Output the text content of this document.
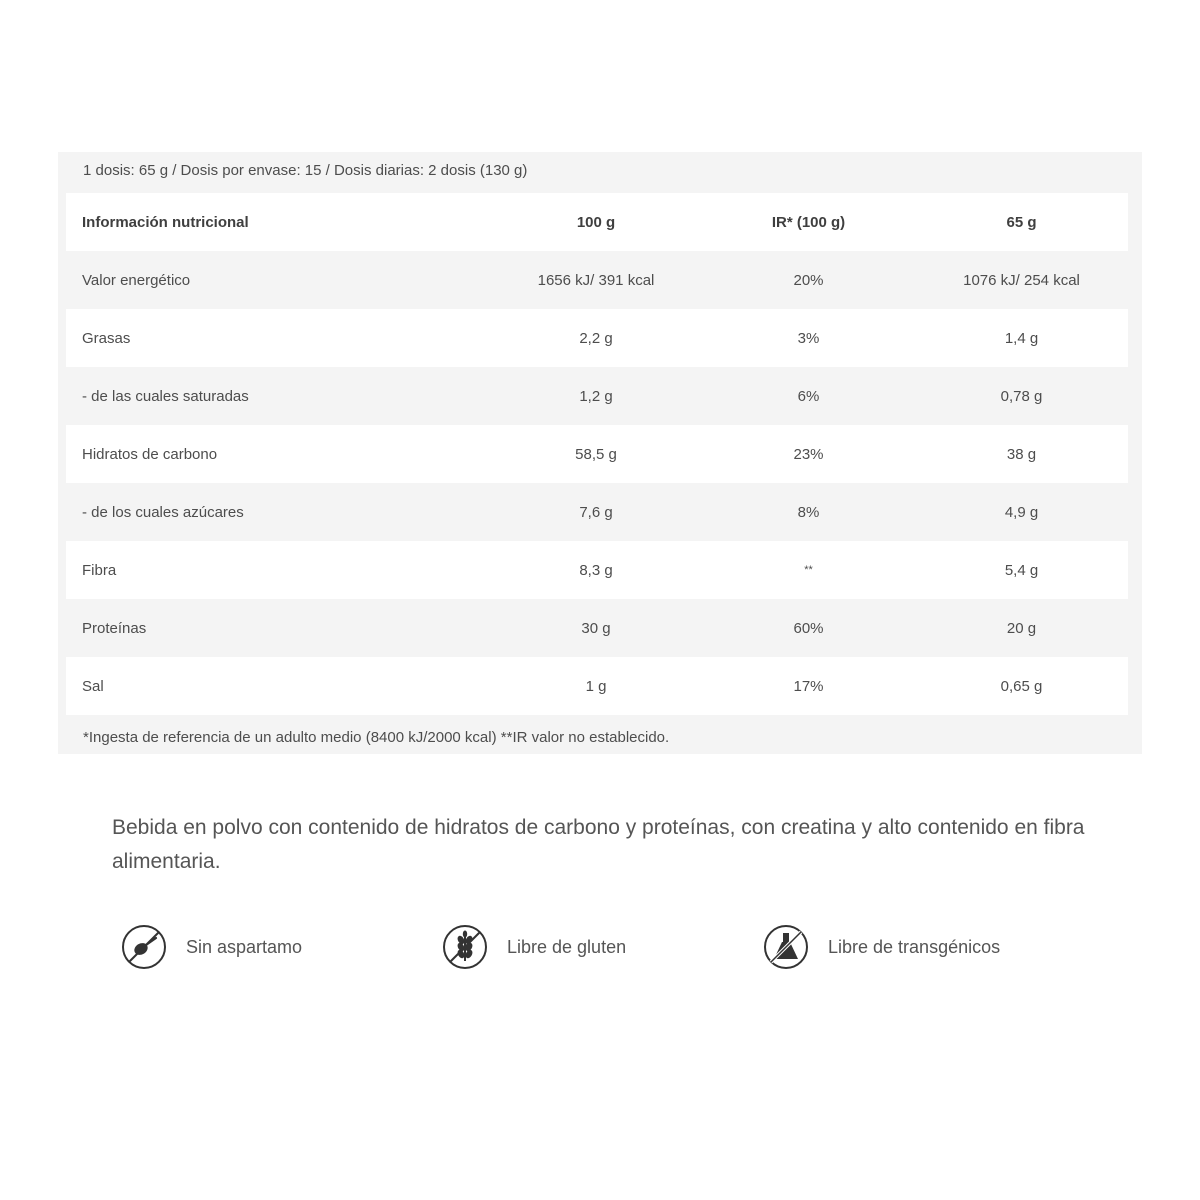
1 dosis: 65 g / Dosis por envase: 15 / Dosis diarias: 2 dosis (130 g)
Información nutricional	100 g	IR* (100 g)	65 g
Valor energético	1656 kJ/ 391 kcal	20%	1076 kJ/ 254 kcal
Grasas	2,2 g	3%	1,4 g
- de las cuales saturadas	1,2 g	6%	0,78 g
Hidratos de carbono	58,5 g	23%	38 g
- de los cuales azúcares	7,6 g	8%	4,9 g
Fibra	8,3 g	**	5,4 g
Proteínas	30 g	60%	20 g
Sal	1 g	17%	0,65 g
*Ingesta de referencia de un adulto medio (8400 kJ/2000 kcal) **IR valor no establecido.

Bebida en polvo con contenido de hidratos de carbono y proteínas, con creatina y alto contenido en fibra alimentaria.

Sin aspartamo	Libre de gluten	Libre de transgénicos
